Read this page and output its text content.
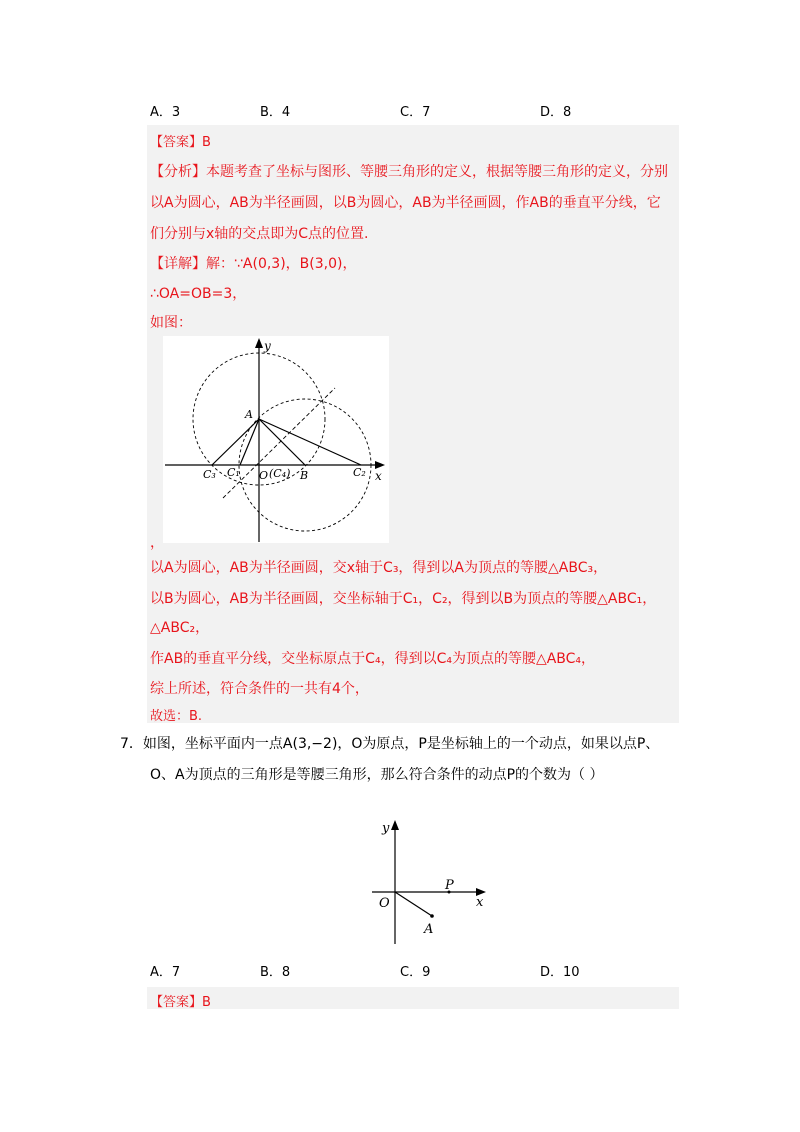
A．3	B．4	C．7	D．8
【答案】B
【分析】本题考查了坐标与图形、等腰三角形的定义，根据等腰三角形的定义，分别
以A为圆心，AB为半径画圆，以B为圆心，AB为半径画圆，作AB的垂直平分线，它
们分别与x轴的交点即为C点的位置.
【详解】解：∵A(0,3)，B(3,0)，
∴OA=OB=3，
如图：
y
x
A
B
O
C₃ C₁	C₂
(C₄)
，
以A为圆心，AB为半径画圆，交x轴于C₃，得到以A为顶点的等腰△ABC₃，
以B为圆心，AB为半径画圆，交坐标轴于C₁，C₂，得到以B为顶点的等腰△ABC₁，
△ABC₂，
作AB的垂直平分线，交坐标原点于C₄，得到以C₄为顶点的等腰△ABC₄，
综上所述，符合条件的一共有4个，
故选：B.
7．如图，坐标平面内一点A(3,−2)，O为原点，P是坐标轴上的一个动点，如果以点P、
O、A为顶点的三角形是等腰三角形，那么符合条件的动点P的个数为（ ）
y
x
O
P
A
A．7	B．8	C．9	D．10
【答案】B
